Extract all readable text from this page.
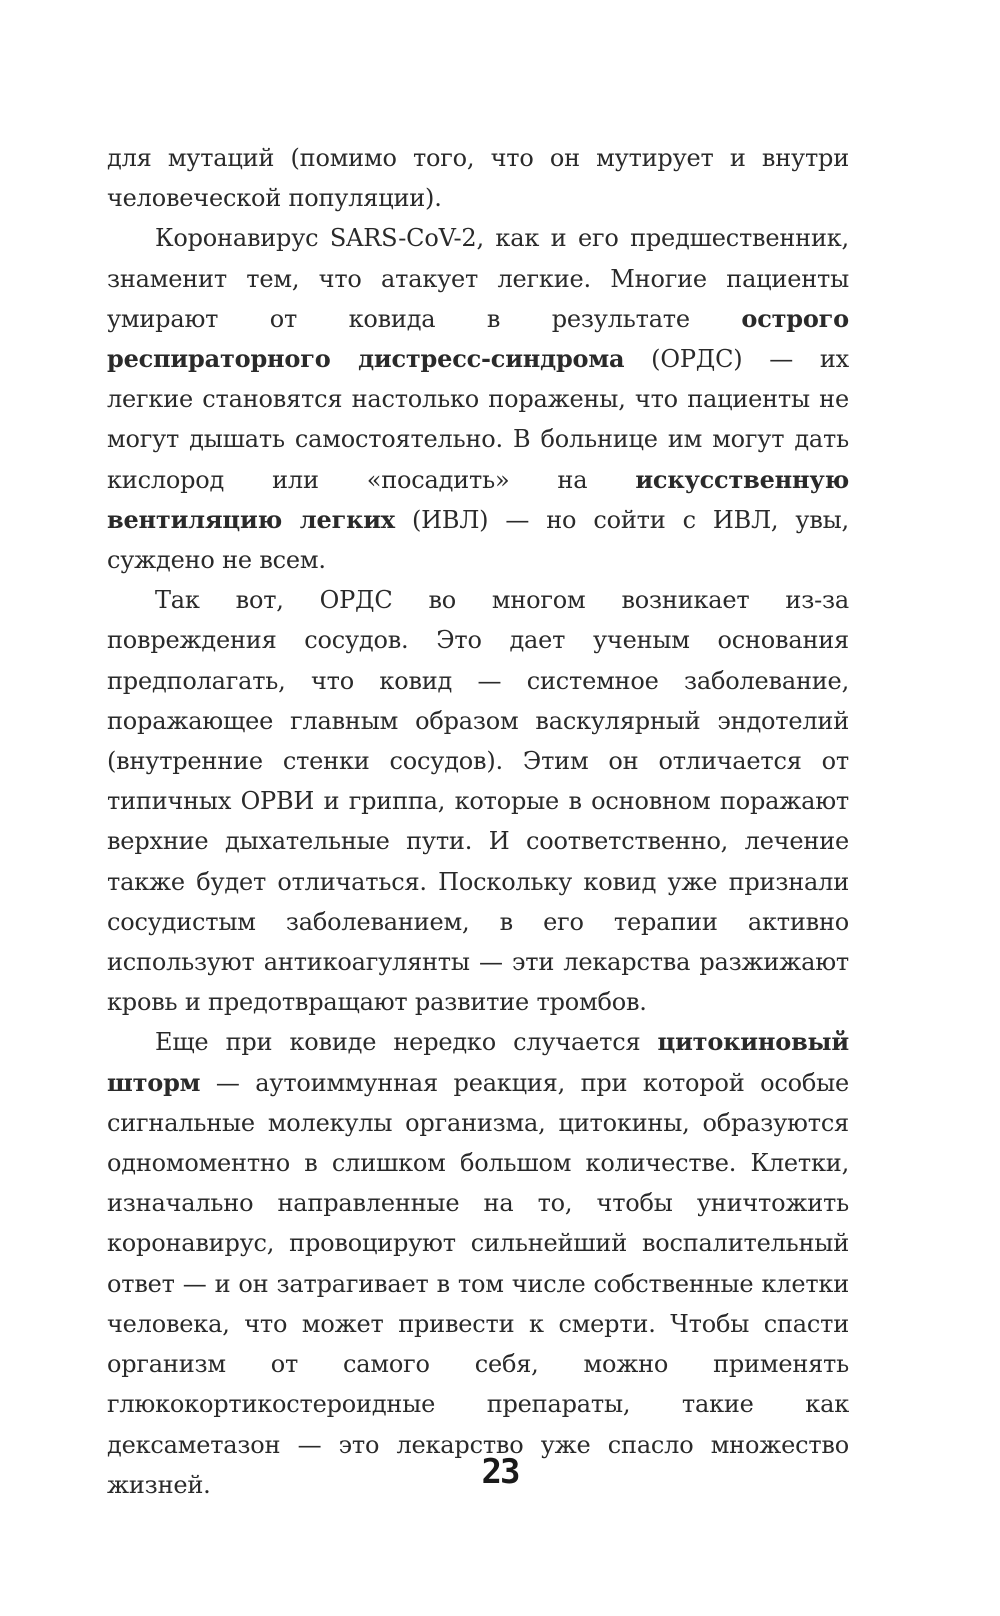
для мутаций (помимо того, что он мутирует и внутри человеческой популяции).

Коронавирус SARS-CoV-2, как и его предшественник, знаменит тем, что атакует легкие. Многие пациенты умирают от ковида в результате острого респираторного дистресс-синдрома (ОРДС) — их легкие становятся настолько поражены, что пациенты не могут дышать самостоятельно. В больнице им могут дать кислород или «посадить» на искусственную вентиляцию легких (ИВЛ) — но сойти с ИВЛ, увы, суждено не всем.

Так вот, ОРДС во многом возникает из-за повреждения сосудов. Это дает ученым основания предполагать, что ковид — системное заболевание, поражающее главным образом васкулярный эндотелий (внутренние стенки сосудов). Этим он отличается от типичных ОРВИ и гриппа, которые в основном поражают верхние дыхательные пути. И соответственно, лечение также будет отличаться. Поскольку ковид уже признали сосудистым заболеванием, в его терапии активно используют антикоагулянты — эти лекарства разжижают кровь и предотвращают развитие тромбов.

Еще при ковиде нередко случается цитокиновый шторм — аутоиммунная реакция, при которой особые сигнальные молекулы организма, цитокины, образуются одномоментно в слишком большом количестве. Клетки, изначально направленные на то, чтобы уничтожить коронавирус, провоцируют сильнейший воспалительный ответ — и он затрагивает в том числе собственные клетки человека, что может привести к смерти. Чтобы спасти организм от самого себя, можно применять глюкокортикостероидные препараты, такие как дексаметазон — это лекарство уже спасло множество жизней.	23
